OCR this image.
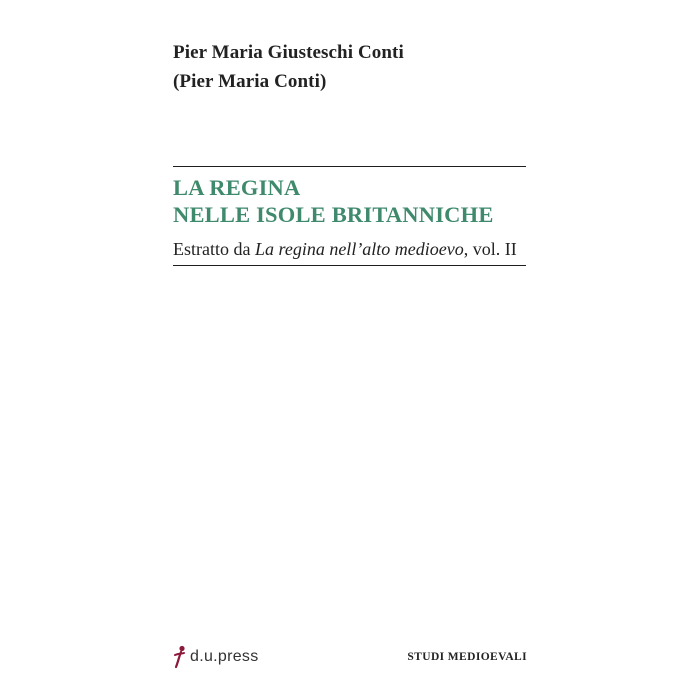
Pier Maria Giusteschi Conti
(Pier Maria Conti)
LA REGINA
NELLE ISOLE BRITANNICHE
Estratto da La regina nell’alto medioevo, vol. II
d.u.press	STUDI MEDIOEVALI
